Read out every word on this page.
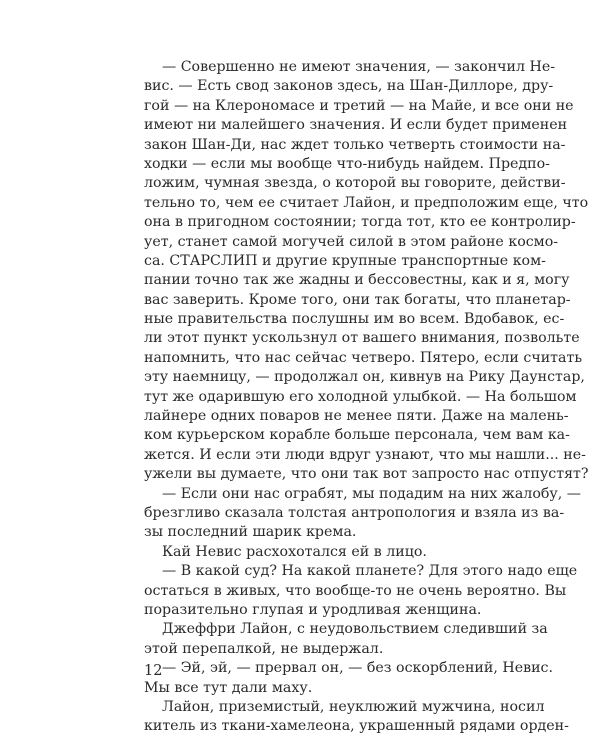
— Совершенно не имеют значения, — закончил Не-
вис. — Есть свод законов здесь, на Шан-Диллоре, дру-
гой — на Клерономасе и третий — на Майе, и все они не
имеют ни малейшего значения. И если будет применен
закон Шан-Ди, нас ждет только четверть стоимости на-
ходки — если мы вообще что-нибудь найдем. Предпо-
ложим, чумная звезда, о которой вы говорите, действи-
тельно то, чем ее считает Лайон, и предположим еще, что
она в пригодном состоянии; тогда тот, кто ее контролир-
ует, станет самой могучей силой в этом районе космо-
са. СТАРСЛИП и другие крупные транспортные ком-
пании точно так же жадны и бессовестны, как и я, могу
вас заверить. Кроме того, они так богаты, что планетар-
ные правительства послушны им во всем. Вдобавок, ес-
ли этот пункт ускользнул от вашего внимания, позвольте
напомнить, что нас сейчас четверо. Пятеро, если считать
эту наемницу, — продолжал он, кивнув на Рику Даунстар,
тут же одарившую его холодной улыбкой. — На большом
лайнере одних поваров не менее пяти. Даже на малень-
ком курьерском корабле больше персонала, чем вам ка-
жется. И если эти люди вдруг узнают, что мы нашли... не-
ужели вы думаете, что они так вот запросто нас отпустят?
— Если они нас ограбят, мы подадим на них жалобу, —
брезгливо сказала толстая антропология и взяла из ва-
зы последний шарик крема.
Кай Невис расхохотался ей в лицо.
— В какой суд? На какой планете? Для этого надо еще
остаться в живых, что вообще-то не очень вероятно. Вы
поразительно глупая и уродливая женщина.
Джеффри Лайон, с неудовольствием следивший за
этой перепалкой, не выдержал.
— Эй, эй, — прервал он, — без оскорблений, Невис.
Мы все тут дали маху.
Лайон, приземистый, неуклюжий мужчина, носил
китель из ткани-хамелеона, украшенный рядами орден-
12
